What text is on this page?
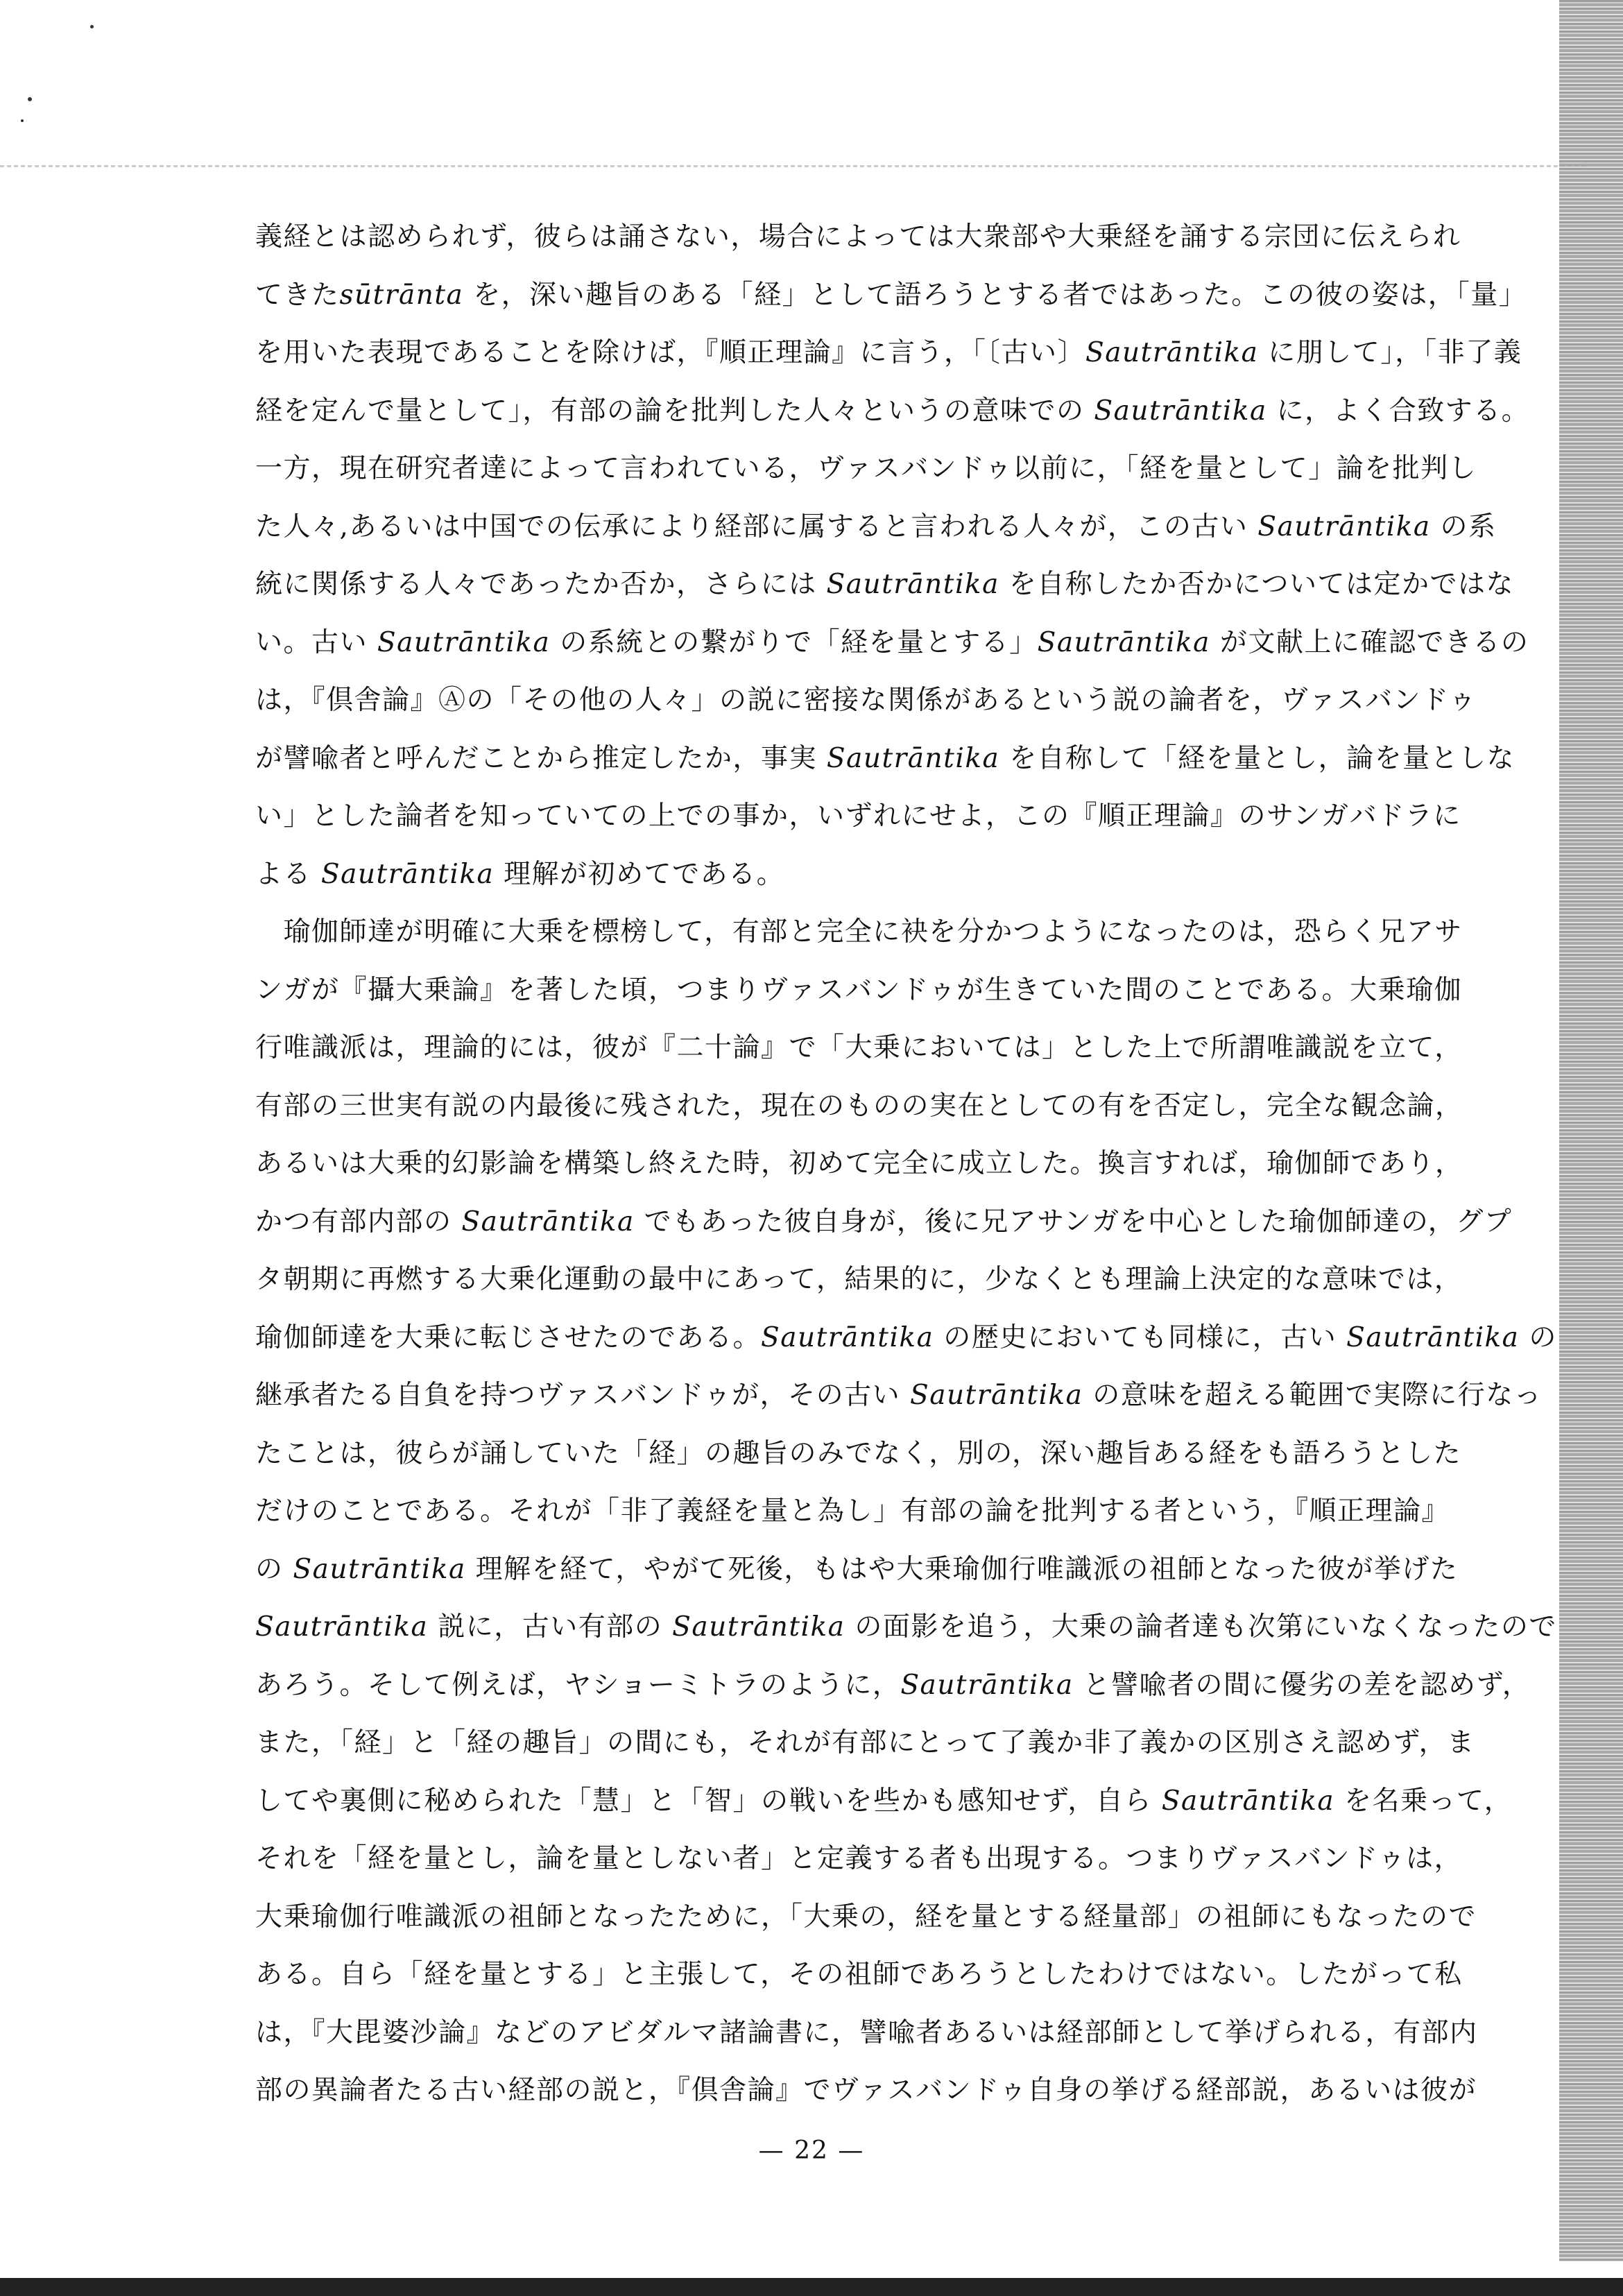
義経とは認められず，彼らは誦さない，場合によっては大衆部や大乗経を誦する宗団に伝えられ
てきたsūtrānta を，深い趣旨のある「経」として語ろうとする者ではあった。この彼の姿は，「量」
を用いた表現であることを除けば，『順正理論』に言う，「〔古い〕Sautrāntika に朋して」，「非了義
経を定んで量として」，有部の論を批判した人々というの意味での Sautrāntika に，よく合致する。
一方，現在研究者達によって言われている，ヴァスバンドゥ以前に，「経を量として」論を批判し
た人々,あるいは中国での伝承により経部に属すると言われる人々が，この古い Sautrāntika の系
統に関係する人々であったか否か，さらには Sautrāntika を自称したか否かについては定かではな
い。古い Sautrāntika の系統との繋がりで「経を量とする」Sautrāntika が文献上に確認できるの
は，『倶舎論』Ⓐの「その他の人々」の説に密接な関係があるという説の論者を，ヴァスバンドゥ
が譬喩者と呼んだことから推定したか，事実 Sautrāntika を自称して「経を量とし，論を量としな
い」とした論者を知っていての上での事か，いずれにせよ，この『順正理論』のサンガバドラに
よる Sautrāntika 理解が初めてである。

　瑜伽師達が明確に大乗を標榜して，有部と完全に袂を分かつようになったのは，恐らく兄アサ
ンガが『攝大乗論』を著した頃，つまりヴァスバンドゥが生きていた間のことである。大乗瑜伽
行唯識派は，理論的には，彼が『二十論』で「大乗においては」とした上で所謂唯識説を立て，
有部の三世実有説の内最後に残された，現在のものの実在としての有を否定し，完全な観念論，
あるいは大乗的幻影論を構築し終えた時，初めて完全に成立した。換言すれば，瑜伽師であり，
かつ有部内部の Sautrāntika でもあった彼自身が，後に兄アサンガを中心とした瑜伽師達の，グプ
タ朝期に再燃する大乗化運動の最中にあって，結果的に，少なくとも理論上決定的な意味では，
瑜伽師達を大乗に転じさせたのである。Sautrāntika の歴史においても同様に，古い Sautrāntika の
継承者たる自負を持つヴァスバンドゥが，その古い Sautrāntika の意味を超える範囲で実際に行なっ
たことは，彼らが誦していた「経」の趣旨のみでなく，別の，深い趣旨ある経をも語ろうとした
だけのことである。それが「非了義経を量と為し」有部の論を批判する者という，『順正理論』
の Sautrāntika 理解を経て，やがて死後，もはや大乗瑜伽行唯識派の祖師となった彼が挙げた
Sautrāntika 説に，古い有部の Sautrāntika の面影を追う，大乗の論者達も次第にいなくなったので
あろう。そして例えば，ヤショーミトラのように，Sautrāntika と譬喩者の間に優劣の差を認めず，
また，「経」と「経の趣旨」の間にも，それが有部にとって了義か非了義かの区別さえ認めず，ま
してや裏側に秘められた「慧」と「智」の戦いを些かも感知せず，自ら Sautrāntika を名乗って，
それを「経を量とし，論を量としない者」と定義する者も出現する。つまりヴァスバンドゥは，
大乗瑜伽行唯識派の祖師となったために，「大乗の，経を量とする経量部」の祖師にもなったので
ある。自ら「経を量とする」と主張して，その祖師であろうとしたわけではない。したがって私
は，『大毘婆沙論』などのアビダルマ諸論書に，譬喩者あるいは経部師として挙げられる，有部内
部の異論者たる古い経部の説と，『倶舎論』でヴァスバンドゥ自身の挙げる経部説，あるいは彼が

— 22 —
